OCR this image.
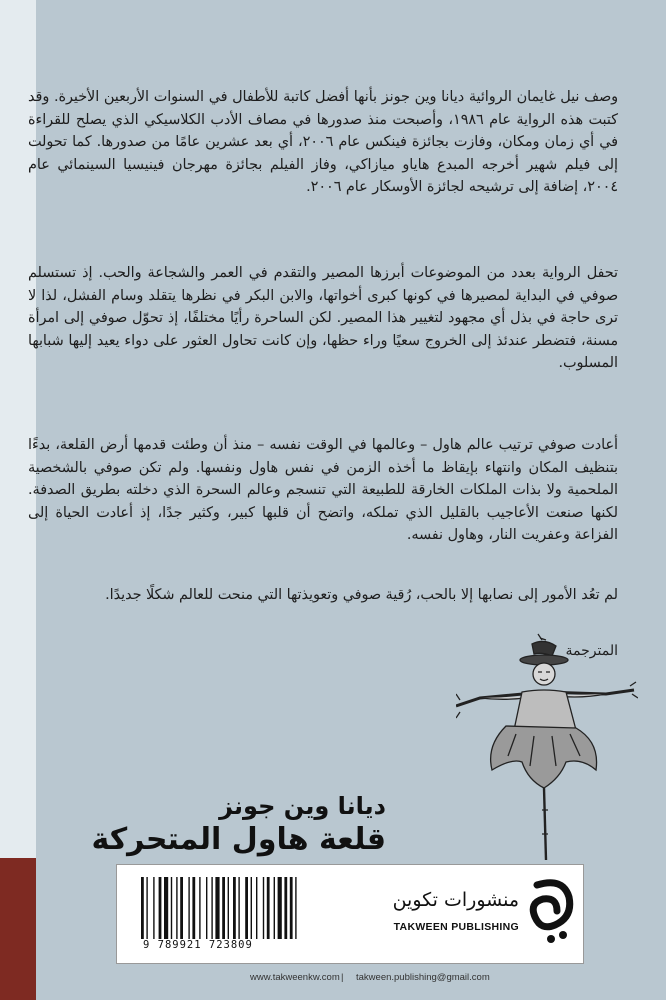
وصف نيل غايمان الروائية ديانا وين جونز بأنها أفضل كاتبة للأطفال في السنوات الأربعين الأخيرة. وقد كتبت هذه الرواية عام ١٩٨٦، وأصبحت منذ صدورها في مصاف الأدب الكلاسيكي الذي يصلح للقراءة في أي زمان ومكان، وفازت بجائزة فينكس عام ٢٠٠٦، أي بعد عشرين عامًا من صدورها. كما تحولت إلى فيلم شهير أخرجه المبدع هاياو ميازاكي، وفاز الفيلم بجائزة مهرجان فينيسيا السينمائي عام ٢٠٠٤، إضافة إلى ترشيحه لجائزة الأوسكار عام ٢٠٠٦.

تحفل الرواية بعدد من الموضوعات أبرزها المصير والتقدم في العمر والشجاعة والحب. إذ تستسلم صوفي في البداية لمصيرها في كونها كبرى أخواتها، والابن البكر في نظرها يتقلد وسام الفشل، لذا لا ترى حاجة في بذل أي مجهود لتغيير هذا المصير. لكن الساحرة رأيًا مختلفًا، إذ تحوّل صوفي إلى امرأة مسنة، فتضطر عندئذ إلى الخروج سعيًا وراء حظها، وإن كانت تحاول العثور على دواء يعيد إليها شبابها المسلوب.

أعادت صوفي ترتيب عالم هاول – وعالمها في الوقت نفسه – منذ أن وطئت قدمها أرض القلعة، بدءًا بتنظيف المكان وانتهاء بإيقاظ ما أخذه الزمن في نفس هاول ونفسها. ولم تكن صوفي بالشخصية الملحمية ولا بذات الملكات الخارقة للطبيعة التي تنسجم وعالم السحرة الذي دخلته بطريق الصدفة. لكنها صنعت الأعاجيب بالقليل الذي تملكه، واتضح أن قلبها كبير، وكثير جدًا، إذ أعادت الحياة إلى الفزاعة وعفريت النار، وهاول نفسه.

لم تعُد الأمور إلى نصابها إلا بالحب، رُقية صوفي وتعويذتها التي منحت للعالم شكلًا جديدًا.

المترجمة

ديانا وين جونز
قلعة هاول المتحركة
9 789921 723809
منشورات تكوين
TAKWEEN PUBLISHING
www.takweenkw.com | takween.publishing@gmail.com
